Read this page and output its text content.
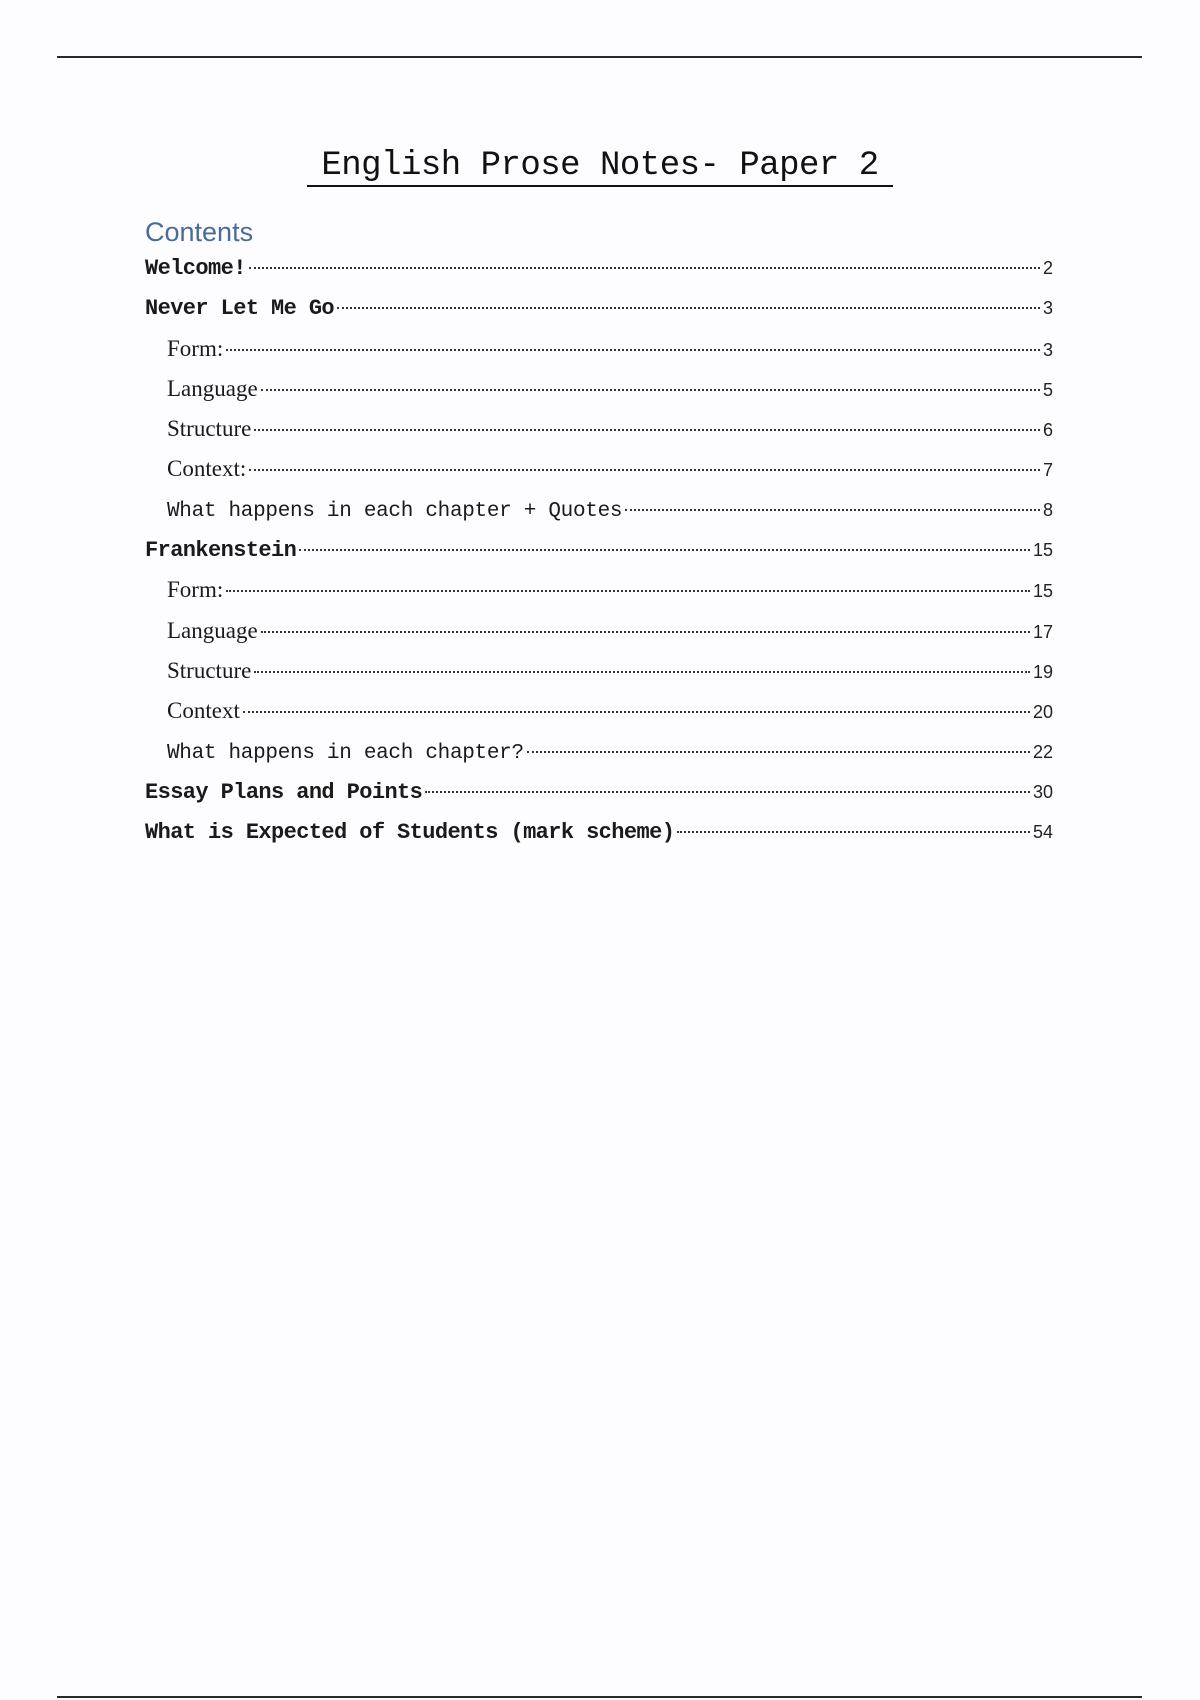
English Prose Notes- Paper 2
Contents
Welcome!	2
Never Let Me Go	3
Form:	3
Language	5
Structure	6
Context:	7
What happens in each chapter + Quotes	8
Frankenstein	15
Form:	15
Language	17
Structure	19
Context	20
What happens in each chapter?	22
Essay Plans and Points	30
What is Expected of Students (mark scheme)	54
